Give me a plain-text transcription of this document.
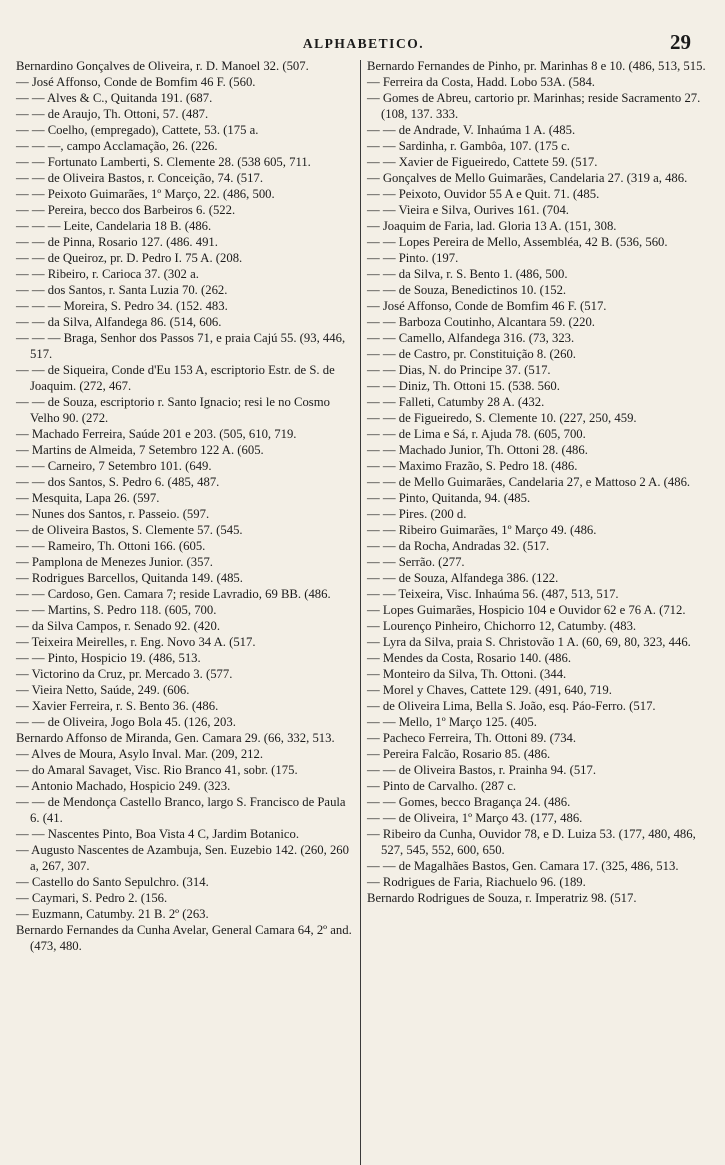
ALPHABETICO.	29

Bernardino Gonçalves de Oliveira, r. D. Manoel 32. (507.

— José Affonso, Conde de Bomfim 46 F. (560.

— — Alves & C., Quitanda 191. (687.

— — de Araujo, Th. Ottoni, 57. (487.

— — Coelho, (empregado), Cattete, 53. (175 a.

— — —, campo Acclamação, 26. (226.

— — Fortunato Lamberti, S. Clemente 28. (538 605, 711.

— — de Oliveira Bastos, r. Conceição, 74. (517.

— — Peixoto Guimarães, 1º Março, 22. (486, 500.

— — Pereira, becco dos Barbeiros 6. (522.

— — — Leite, Candelaria 18 B. (486.

— — de Pinna, Rosario 127. (486. 491.

— — de Queiroz, pr. D. Pedro I. 75 A. (208.

— — Ribeiro, r. Carioca 37. (302 a.

— — dos Santos, r. Santa Luzia 70. (262.

— — — Moreira, S. Pedro 34. (152. 483.

— — da Silva, Alfandega 86. (514, 606.

— — — Braga, Senhor dos Passos 71, e praia Cajú 55. (93, 446, 517.

— — de Siqueira, Conde d'Eu 153 A, escriptorio Estr. de S. de Joaquim. (272, 467.

— — de Souza, escriptorio r. Santo Ignacio; resi le no Cosmo Velho 90. (272.

— Machado Ferreira, Saúde 201 e 203. (505, 610, 719.

— Martins de Almeida, 7 Setembro 122 A. (605.

— — Carneiro, 7 Setembro 101. (649.

— — dos Santos, S. Pedro 6. (485, 487.

— Mesquita, Lapa 26. (597.

— Nunes dos Santos, r. Passeio. (597.

— de Oliveira Bastos, S. Clemente 57. (545.

— — Rameiro, Th. Ottoni 166. (605.

— Pamplona de Menezes Junior. (357.

— Rodrigues Barcellos, Quitanda 149. (485.

— — Cardoso, Gen. Camara 7; reside Lavradio, 69 BB. (486.

— — Martins, S. Pedro 118. (605, 700.

— da Silva Campos, r. Senado 92. (420.

— Teixeira Meirelles, r. Eng. Novo 34 A. (517.

— — Pinto, Hospicio 19. (486, 513.

— Victorino da Cruz, pr. Mercado 3. (577.

— Vieira Netto, Saúde, 249. (606.

— Xavier Ferreira, r. S. Bento 36. (486.

— — de Oliveira, Jogo Bola 45. (126, 203.

Bernardo Affonso de Miranda, Gen. Camara 29. (66, 332, 513.

— Alves de Moura, Asylo Inval. Mar. (209, 212.

— do Amaral Savaget, Visc. Rio Branco 41, sobr. (175.

— Antonio Machado, Hospicio 249. (323.

— — de Mendonça Castello Branco, largo S. Francisco de Paula 6. (41.

— — Nascentes Pinto, Boa Vista 4 C, Jardim Botanico.

— Augusto Nascentes de Azambuja, Sen. Euzebio 142. (260, 260 a, 267, 307.

— Castello do Santo Sepulchro. (314.

— Caymari, S. Pedro 2. (156.

— Euzmann, Catumby. 21 B. 2º (263.

Bernardo Fernandes da Cunha Avelar, General Camara 64, 2º and. (473, 480.

Bernardo Fernandes de Pinho, pr. Marinhas 8 e 10. (486, 513, 515.

— Ferreira da Costa, Hadd. Lobo 53A. (584.

— Gomes de Abreu, cartorio pr. Marinhas; reside Sacramento 27. (108, 137. 333.

— — de Andrade, V. Inhaúma 1 A. (485.

— — Sardinha, r. Gambôa, 107. (175 c.

— — Xavier de Figueiredo, Cattete 59. (517.

— Gonçalves de Mello Guimarães, Candelaria 27. (319 a, 486.

— — Peixoto, Ouvidor 55 A e Quit. 71. (485.

— — Vieira e Silva, Ourives 161. (704.

— Joaquim de Faria, lad. Gloria 13 A. (151, 308.

— — Lopes Pereira de Mello, Assembléa, 42 B. (536, 560.

— — Pinto. (197.

— — da Silva, r. S. Bento 1. (486, 500.

— — de Souza, Benedictinos 10. (152.

— José Affonso, Conde de Bomfim 46 F. (517.

— — Barboza Coutinho, Alcantara 59. (220.

— — Camello, Alfandega 316. (73, 323.

— — de Castro, pr. Constituição 8. (260.

— — Dias, N. do Principe 37. (517.

— — Diniz, Th. Ottoni 15. (538. 560.

— — Falleti, Catumby 28 A. (432.

— — de Figueiredo, S. Clemente 10. (227, 250, 459.

— — de Lima e Sá, r. Ajuda 78. (605, 700.

— — Machado Junior, Th. Ottoni 28. (486.

— — Maximo Frazão, S. Pedro 18. (486.

— — de Mello Guimarães, Candelaria 27, e Mattoso 2 A. (486.

— — Pinto, Quitanda, 94. (485.

— — Pires. (200 d.

— — Ribeiro Guimarães, 1º Março 49. (486.

— — da Rocha, Andradas 32. (517.

— — Serrão. (277.

— — de Souza, Alfandega 386. (122.

— — Teixeira, Visc. Inhaúma 56. (487, 513, 517.

— Lopes Guimarães, Hospicio 104 e Ouvidor 62 e 76 A. (712.

— Lourenço Pinheiro, Chichorro 12, Catumby. (483.

— Lyra da Silva, praia S. Christovão 1 A. (60, 69, 80, 323, 446.

— Mendes da Costa, Rosario 140. (486.

— Monteiro da Silva, Th. Ottoni. (344.

— Morel y Chaves, Cattete 129. (491, 640, 719.

— de Oliveira Lima, Bella S. João, esq. Páo-Ferro. (517.

— — Mello, 1º Março 125. (405.

— Pacheco Ferreira, Th. Ottoni 89. (734.

— Pereira Falcão, Rosario 85. (486.

— — de Oliveira Bastos, r. Prainha 94. (517.

— Pinto de Carvalho. (287 c.

— — Gomes, becco Bragança 24. (486.

— — de Oliveira, 1º Março 43. (177, 486.

— Ribeiro da Cunha, Ouvidor 78, e D. Luiza 53. (177, 480, 486, 527, 545, 552, 600, 650.

— — de Magalhães Bastos, Gen. Camara 17. (325, 486, 513.

— Rodrigues de Faria, Riachuelo 96. (189.

Bernardo Rodrigues de Souza, r. Imperatriz 98. (517.
